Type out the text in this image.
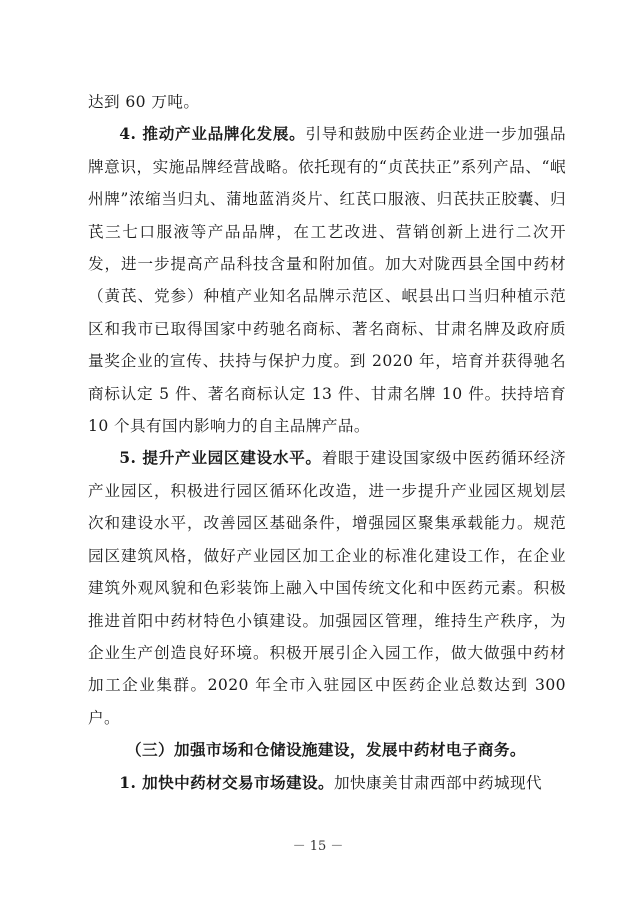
达到 60 万吨。

4. 推动产业品牌化发展。引导和鼓励中医药企业进一步加强品牌意识，实施品牌经营战略。依托现有的“贞芪扶正”系列产品、“岷州牌”浓缩当归丸、蒲地蓝消炎片、红芪口服液、归芪扶正胶囊、归芪三七口服液等产品品牌，在工艺改进、营销创新上进行二次开发，进一步提高产品科技含量和附加值。加大对陇西县全国中药材（黄芪、党参）种植产业知名品牌示范区、岷县出口当归种植示范区和我市已取得国家中药驰名商标、著名商标、甘肃名牌及政府质量奖企业的宣传、扶持与保护力度。到 2020 年，培育并获得驰名商标认定 5 件、著名商标认定 13 件、甘肃名牌 10 件。扶持培育 10 个具有国内影响力的自主品牌产品。

5. 提升产业园区建设水平。着眼于建设国家级中医药循环经济产业园区，积极进行园区循环化改造，进一步提升产业园区规划层次和建设水平，改善园区基础条件，增强园区聚集承载能力。规范园区建筑风格，做好产业园区加工企业的标准化建设工作，在企业建筑外观风貌和色彩装饰上融入中国传统文化和中医药元素。积极推进首阳中药材特色小镇建设。加强园区管理，维持生产秩序，为企业生产创造良好环境。积极开展引企入园工作，做大做强中药材加工企业集群。2020 年全市入驻园区中医药企业总数达到 300 户。

（三）加强市场和仓储设施建设，发展中药材电子商务。

1. 加快中药材交易市场建设。加快康美甘肃西部中药城现代

－ 15 －
